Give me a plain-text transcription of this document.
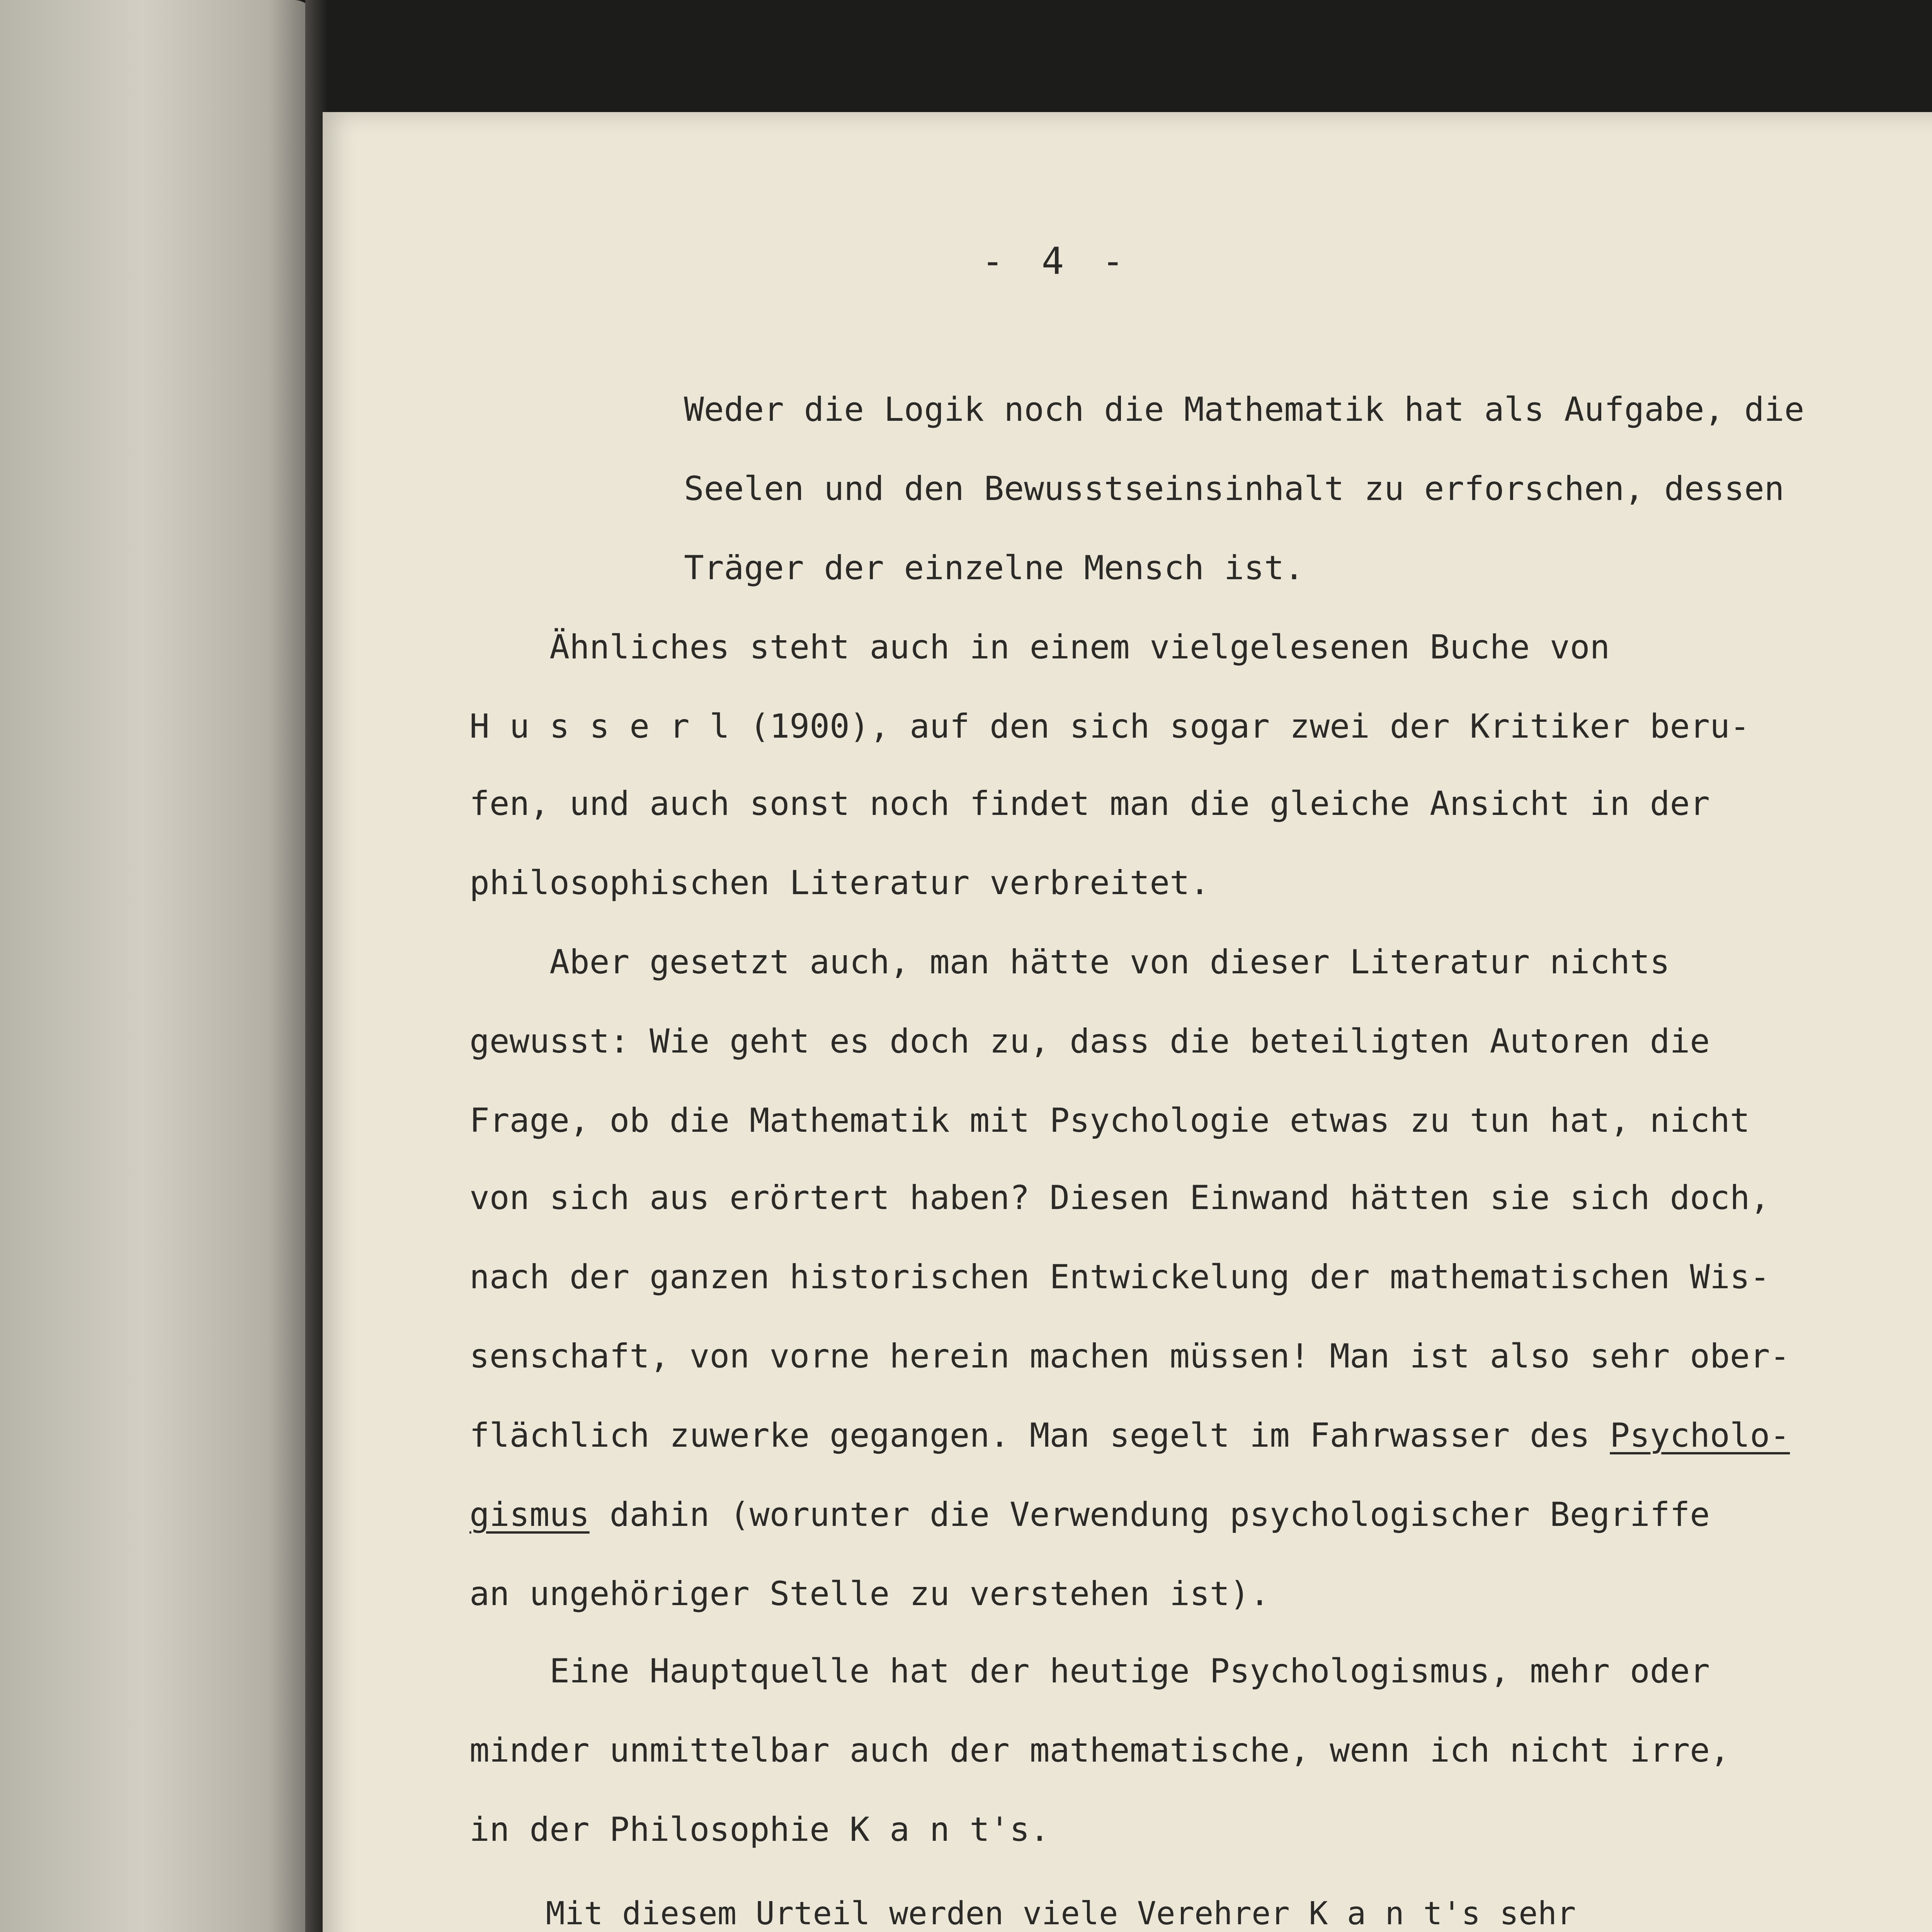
- 4 -
Weder die Logik noch die Mathematik hat als Aufgabe, die
Seelen und den Bewusstseinsinhalt zu erforschen, dessen
Träger der einzelne Mensch ist.
Ähnliches steht auch in einem vielgelesenen Buche von
H u s s e r l (1900), auf den sich sogar zwei der Kritiker beru-
fen, und auch sonst noch findet man die gleiche Ansicht in der
philosophischen Literatur verbreitet.
Aber gesetzt auch, man hätte von dieser Literatur nichts
gewusst: Wie geht es doch zu, dass die beteiligten Autoren die
Frage, ob die Mathematik mit Psychologie etwas zu tun hat, nicht
von sich aus erörtert haben? Diesen Einwand hätten sie sich doch,
nach der ganzen historischen Entwickelung der mathematischen Wis-
senschaft, von vorne herein machen müssen! Man ist also sehr ober-
flächlich zuwerke gegangen. Man segelt im Fahrwasser des Psycholo-
gismus dahin (worunter die Verwendung psychologischer Begriffe
an ungehöriger Stelle zu verstehen ist).
Eine Hauptquelle hat der heutige Psychologismus, mehr oder
minder unmittelbar auch der mathematische, wenn ich nicht irre,
in der Philosophie K a n t's.
Mit diesem Urteil werden viele Verehrer K a n t's sehr
